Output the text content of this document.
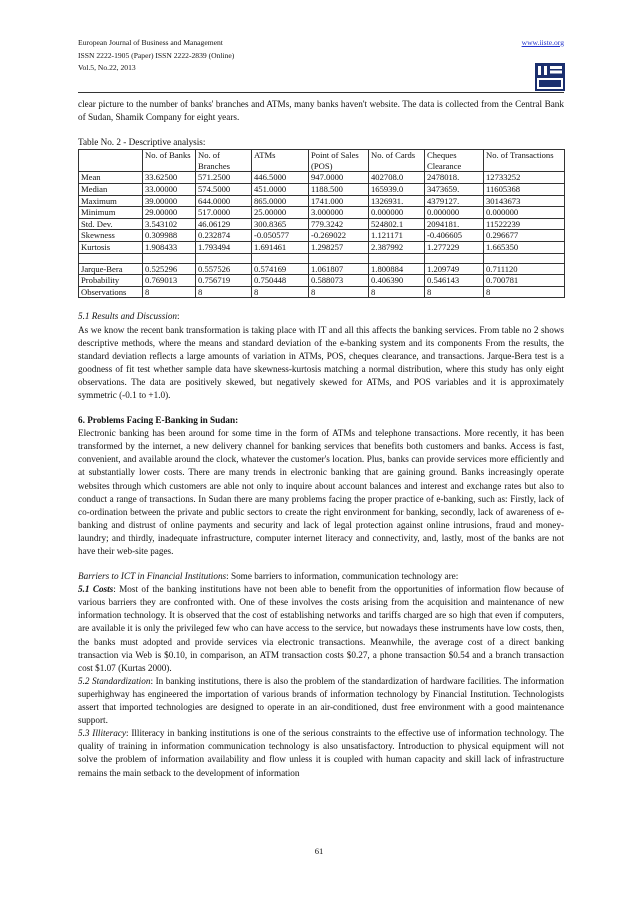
European Journal of Business and Management
ISSN 2222-1905 (Paper) ISSN 2222-2839 (Online)
Vol.5, No.22, 2013
www.iiste.org

clear picture to the number of banks' branches and ATMs, many banks haven't website. The data is collected from the Central Bank of Sudan, Shamik Company for eight years.

Table No. 2 - Descriptive analysis:
	No. of Banks	No. of Branches	ATMs	Point of Sales (POS)	No. of Cards	Cheques Clearance	No. of Transactions
Mean	33.62500	571.2500	446.5000	947.0000	402708.0	2478018.	12733252
Median	33.00000	574.5000	451.0000	1188.500	165939.0	3473659.	11605368
Maximum	39.00000	644.0000	865.0000	1741.000	1326931.	4379127.	30143673
Minimum	29.00000	517.0000	25.00000	3.000000	0.000000	0.000000	0.000000
Std. Dev.	3.543102	46.06129	300.8365	779.3242	524802.1	2094181.	11522239
Skewness	0.309988	0.232874	-0.050577	-0.269022	1.121171	-0.406605	0.296677
Kurtosis	1.908433	1.793494	1.691461	1.298257	2.387992	1.277229	1.665350

Jarque-Bera	0.525296	0.557526	0.574169	1.061807	1.800884	1.209749	0.711120
Probability	0.769013	0.756719	0.750448	0.588073	0.406390	0.546143	0.700781
Observations	8	8	8	8	8	8	8

5.1 Results and Discussion:
As we know the recent bank transformation is taking place with IT and all this affects the banking services. From table no 2 shows descriptive methods, where the means and standard deviation of the e-banking system and its components From the results, the standard deviation reflects a large amounts of variation in ATMs, POS, cheques clearance, and transactions. Jarque-Bera test is a goodness of fit test whether sample data have skewness-kurtosis matching a normal distribution, where this study has only eight observations. The data are positively skewed, but negatively skewed for ATMs, and POS variables and it is approximately symmetric (-0.1 to +1.0).

6. Problems Facing E-Banking in Sudan:
Electronic banking has been around for some time in the form of ATMs and telephone transactions. More recently, it has been transformed by the internet, a new delivery channel for banking services that benefits both customers and banks. Access is fast, convenient, and available around the clock, whatever the customer's location. Plus, banks can provide services more efficiently and at substantially lower costs. There are many trends in electronic banking that are gaining ground. Banks increasingly operate websites through which customers are able not only to inquire about account balances and interest and exchange rates but also to conduct a range of transactions. In Sudan there are many problems facing the proper practice of e-banking, such as: Firstly, lack of co-ordination between the private and public sectors to create the right environment for banking, secondly, lack of awareness of e-banking and distrust of online payments and security and lack of legal protection against online intrusions, fraud and money-laundry; and thirdly, inadequate infrastructure, computer internet literacy and connectivity, and, lastly, most of the banks are not have their web-site pages.

Barriers to ICT in Financial Institutions: Some barriers to information, communication technology are:

5.1 Costs: Most of the banking institutions have not been able to benefit from the opportunities of information flow because of various barriers they are confronted with. One of these involves the costs arising from the acquisition and maintenance of new information technology. It is observed that the cost of establishing networks and tariffs charged are so high that even if computers, are available it is only the privileged few who can have access to the service, but nowadays these instruments have low costs, then, the banks must adopted and provide services via electronic transactions. Meanwhile, the average cost of a direct banking transaction via Web is $0.10, in comparison, an ATM transaction costs $0.27, a phone transaction $0.54 and a branch transaction cost $1.07 (Kurtas 2000).

5.2 Standardization: In banking institutions, there is also the problem of the standardization of hardware facilities. The information superhighway has engineered the importation of various brands of information technology by Financial Institution. Technologists assert that imported technologies are designed to operate in an air-conditioned, dust free environment with a good maintenance support.

5.3 Illiteracy: Illiteracy in banking institutions is one of the serious constraints to the effective use of information technology. The quality of training in information communication technology is also unsatisfactory. Introduction to physical equipment will not solve the problem of information availability and flow unless it is coupled with human capacity and skill lack of infrastructure remains the main setback to the development of information

61
